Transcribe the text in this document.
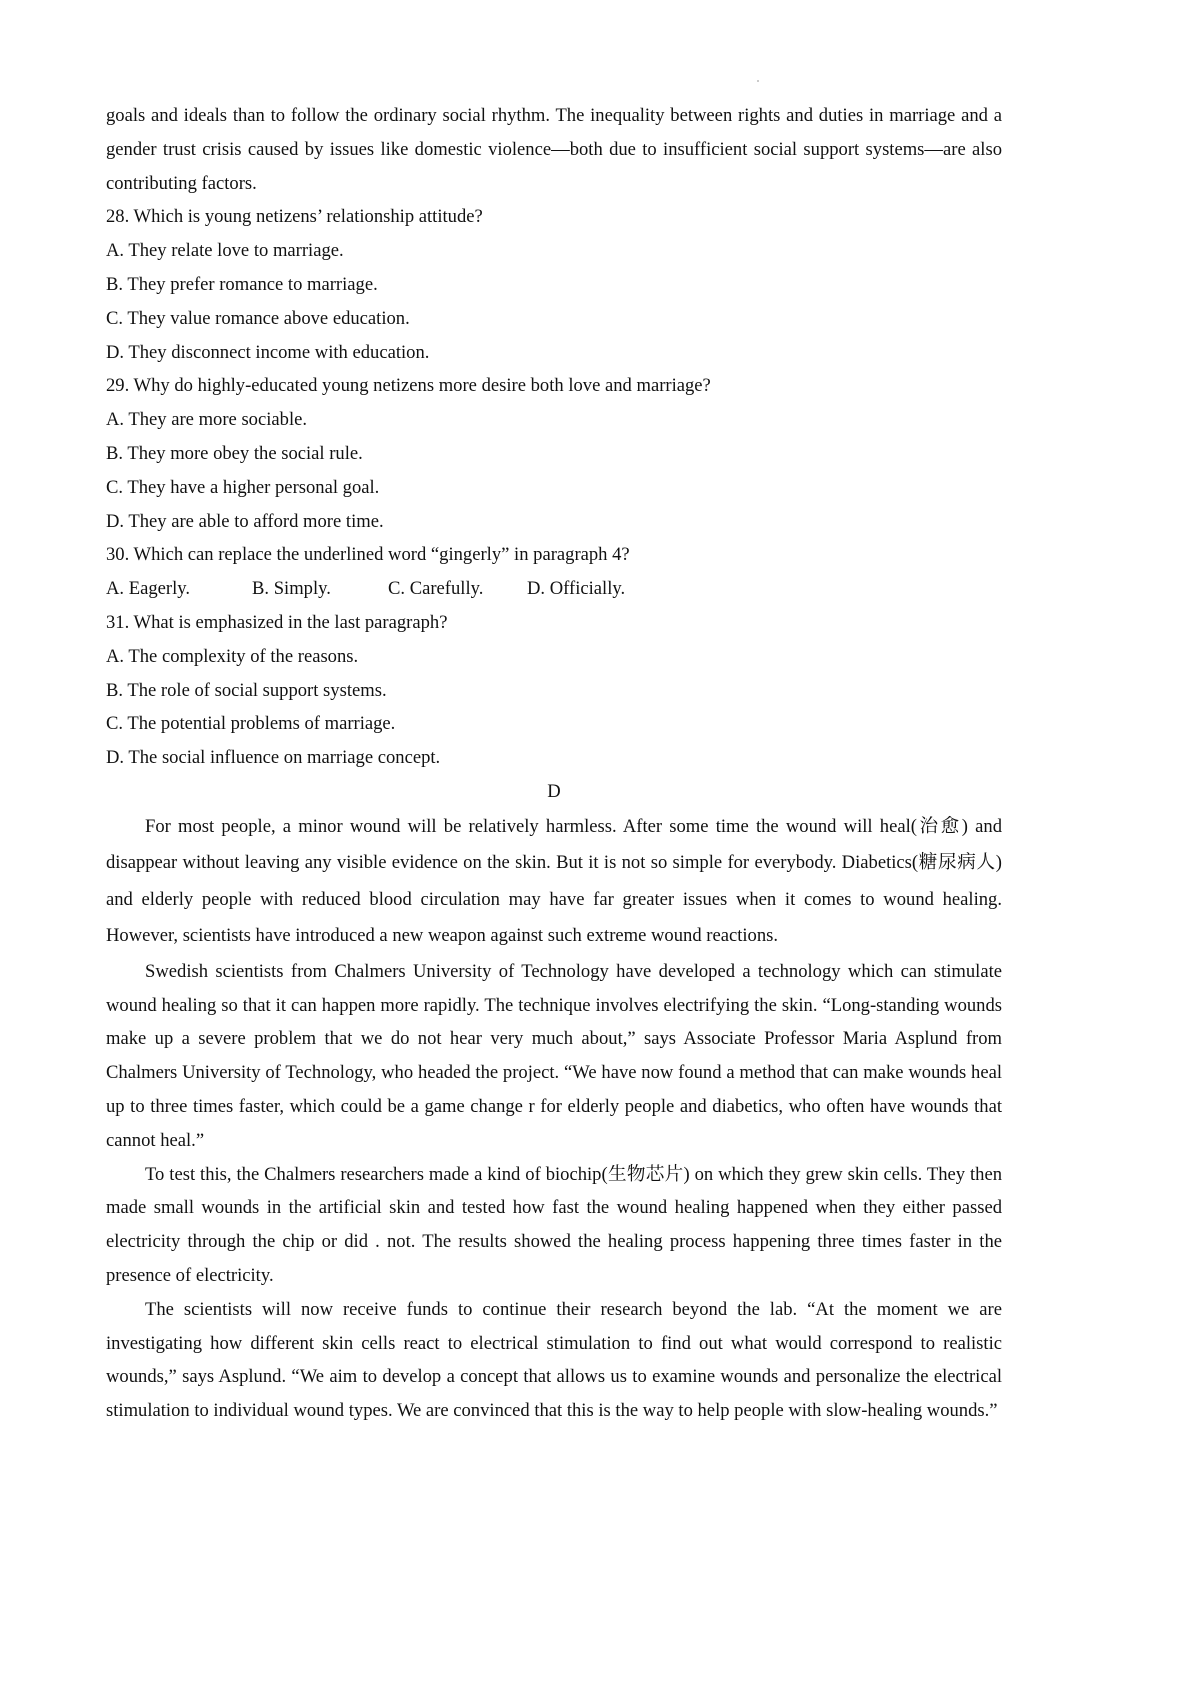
goals and ideals than to follow the ordinary social rhythm. The inequality between rights and duties in marriage and a gender trust crisis caused by issues like domestic violence—both due to insufficient social support systems—are also contributing factors.

28. Which is young netizens’ relationship attitude?

A. They relate love to marriage.

B. They prefer romance to marriage.

C. They value romance above education.

D. They disconnect income with education.

29. Why do highly-educated young netizens more desire both love and marriage?

A. They are more sociable.

B. They more obey the social rule.

C. They have a higher personal goal.

D. They are able to afford more time.

30. Which can replace the underlined word “gingerly” in paragraph 4?

A. Eagerly.	B. Simply.	C. Carefully. D. Officially.

31. What is emphasized in the last paragraph?

A. The complexity of the reasons.

B. The role of social support systems.

C. The potential problems of marriage.

D. The social influence on marriage concept.

D

For most people, a minor wound will be relatively harmless. After some time the wound will heal(治愈) and disappear without leaving any visible evidence on the skin. But it is not so simple for everybody. Diabetics(糖尿病人) and elderly people with reduced blood circulation may have far greater issues when it comes to wound healing. However, scientists have introduced a new weapon against such extreme wound reactions.

Swedish scientists from Chalmers University of Technology have developed a technology which can stimulate wound healing so that it can happen more rapidly. The technique involves electrifying the skin. “Long-standing wounds make up a severe problem that we do not hear very much about,” says Associate Professor Maria Asplund from Chalmers University of Technology, who headed the project. “We have now found a method that can make wounds heal up to three times faster, which could be a game change r for elderly people and diabetics, who often have wounds that cannot heal.”

To test this, the Chalmers researchers made a kind of biochip(生物芯片) on which they grew skin cells. They then made small wounds in the artificial skin and tested how fast the wound healing happened when they either passed electricity through the chip or did . not. The results showed the healing process happening three times faster in the presence of electricity.

The scientists will now receive funds to continue their research beyond the lab. “At the moment we are investigating how different skin cells react to electrical stimulation to find out what would correspond to realistic wounds,” says Asplund. “We aim to develop a concept that allows us to examine wounds and personalize the electrical stimulation to individual wound types. We are convinced that this is the way to help people with slow-healing wounds.”
